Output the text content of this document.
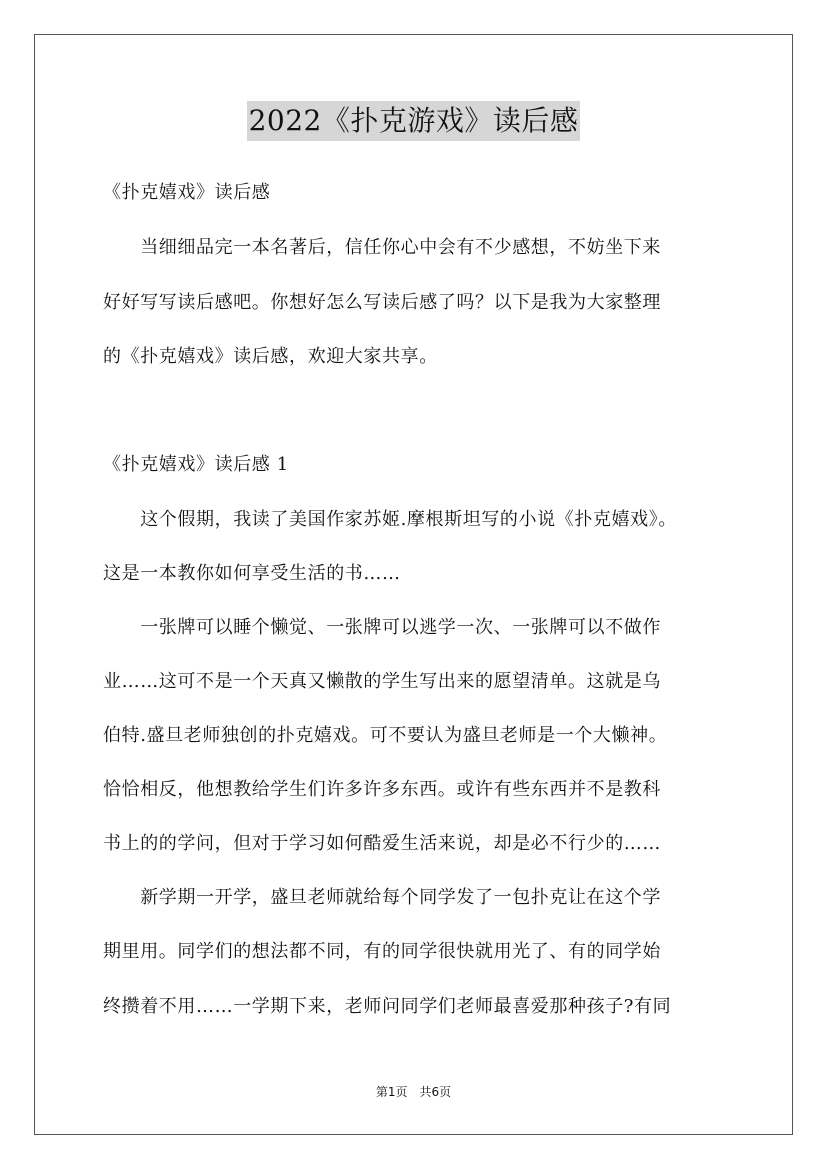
2022《扑克游戏》读后感
《扑克嬉戏》读后感
　　当细细品完一本名著后，信任你心中会有不少感想，不妨坐下来
好好写写读后感吧。你想好怎么写读后感了吗？以下是我为大家整理
的《扑克嬉戏》读后感，欢迎大家共享。
《扑克嬉戏》读后感 1
　　这个假期，我读了美国作家苏姬.摩根斯坦写的小说《扑克嬉戏》。
这是一本教你如何享受生活的书……
　　一张牌可以睡个懒觉、一张牌可以逃学一次、一张牌可以不做作
业……这可不是一个天真又懒散的学生写出来的愿望清单。这就是乌
伯特.盛旦老师独创的扑克嬉戏。可不要认为盛旦老师是一个大懒神。
恰恰相反，他想教给学生们许多许多东西。或许有些东西并不是教科
书上的的学问，但对于学习如何酷爱生活来说，却是必不行少的……
　　新学期一开学，盛旦老师就给每个同学发了一包扑克让在这个学
期里用。同学们的想法都不同，有的同学很快就用光了、有的同学始
终攒着不用……一学期下来，老师问同学们老师最喜爱那种孩子?有同
第1页　共6页
